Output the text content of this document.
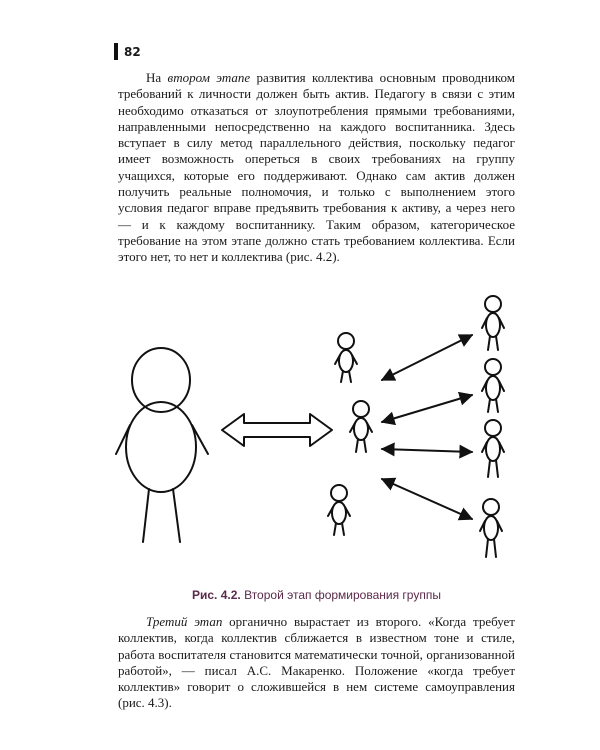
82

На втором этапе развития коллектива основным проводником требований к личности должен быть актив. Педагогу в связи с этим необходимо отказаться от злоупотребления прямыми требованиями, направленными непосредственно на каждого воспитанника. Здесь вступает в силу метод параллельного действия, поскольку педагог имеет возможность опереться в своих требованиях на группу учащихся, которые его поддерживают. Однако сам актив должен получить реальные полномочия, и только с выполнением этого условия педагог вправе предъявить требования к активу, а через него — и к каждому воспитаннику. Таким образом, категорическое требование на этом этапе должно стать требованием коллектива. Если этого нет, то нет и коллектива (рис. 4.2).

Рис. 4.2. Второй этап формирования группы

Третий этап органично вырастает из второго. «Когда требует коллектив, когда коллектив сближается в известном тоне и стиле, работа воспитателя становится математически точной, организованной работой», — писал А.С. Макаренко. Положение «когда требует коллектив» говорит о сложившейся в нем системе самоуправления (рис. 4.3).
